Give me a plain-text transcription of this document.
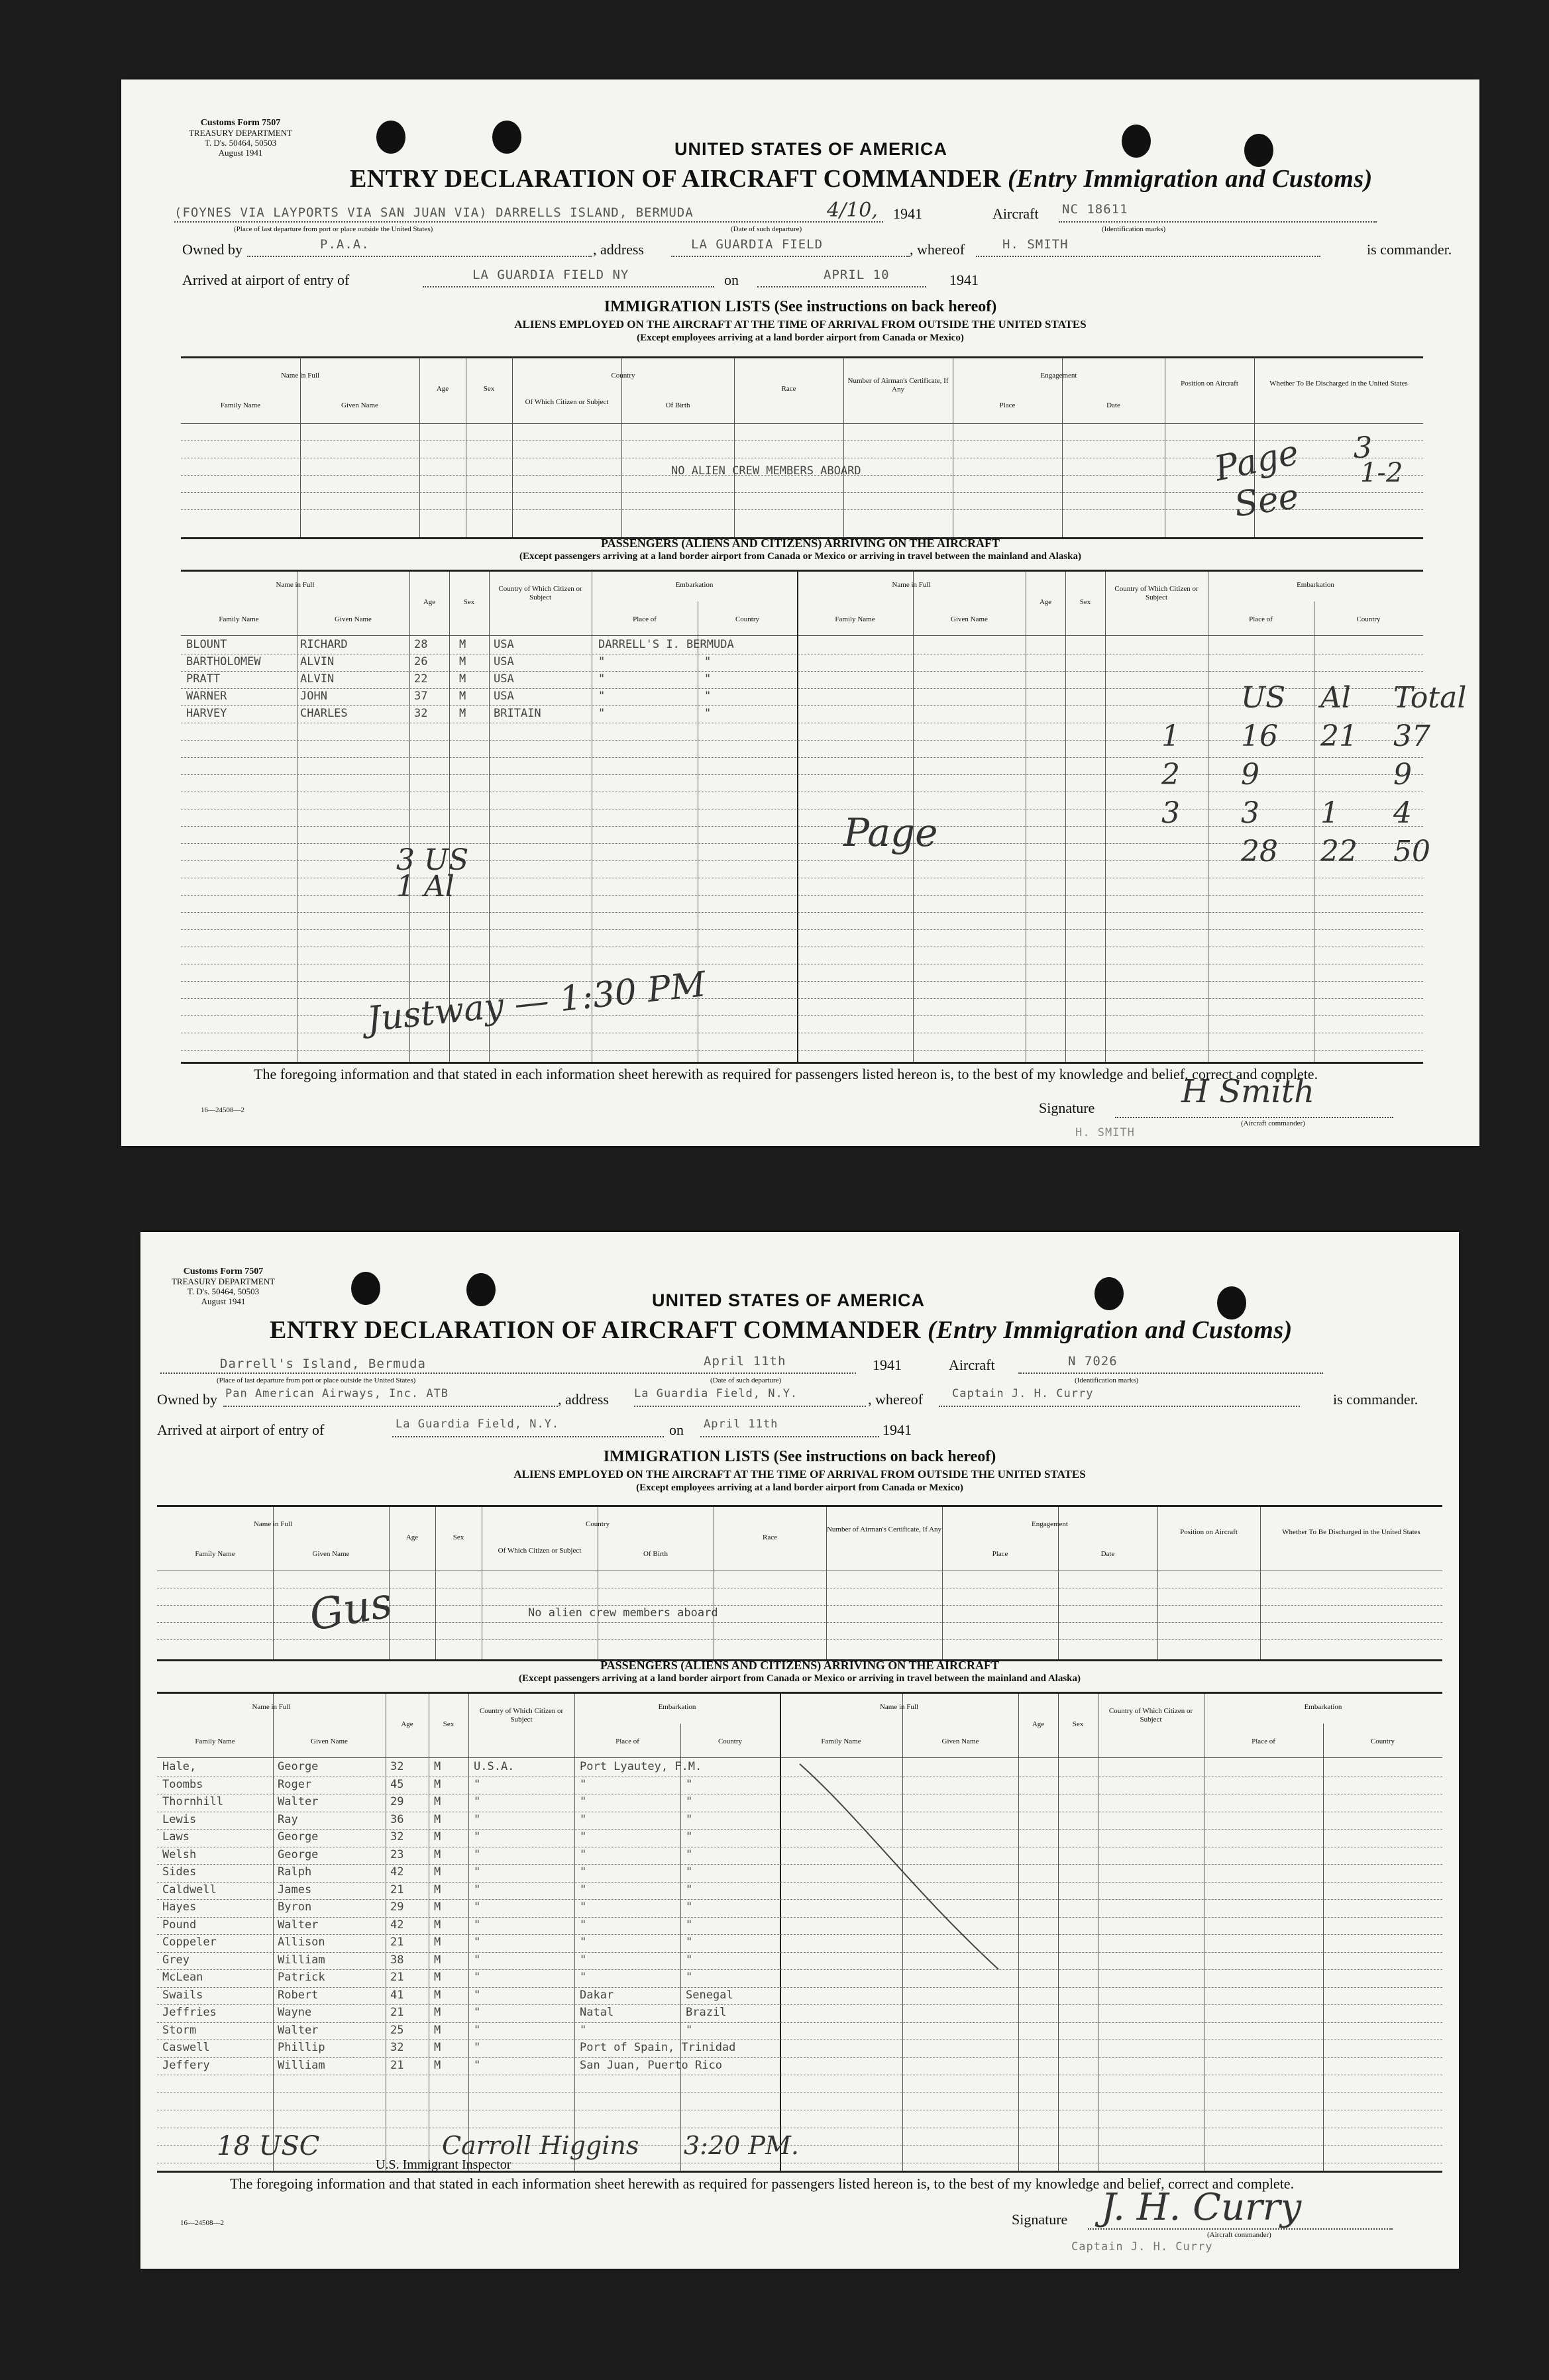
Customs Form 7507
TREASURY DEPARTMENT
T. D's. 50464, 50503
August 1941	UNITED STATES OF AMERICA
ENTRY DECLARATION OF AIRCRAFT COMMANDER (Entry Immigration and Customs)
(FOYNES VIA LAYPORTS VIA SAN JUAN VIA) DARRELLS ISLAND, BERMUDA	4/10, 1941	Aircraft NC 18611
(Place of last departure from port or place outside the United States)	(Date of such departure)	(Identification marks)
Owned by	P.A.A.	, address	LA GUARDIA FIELD	, whereof	H. SMITH	is commander.
Arrived at airport of entry of	LA GUARDIA FIELD NY	on	APRIL 10	1941
IMMIGRATION LISTS (See instructions on back hereof)
ALIENS EMPLOYED ON THE AIRCRAFT AT THE TIME OF ARRIVAL FROM OUTSIDE THE UNITED STATES
(Except employees arriving at a land border airport from Canada or Mexico)
Name in Full
Family Name	Given Name
Age	Sex
Country
Of Which Citizen or Subject	Of Birth
Race
Number of Airman's Certificate, If Any
Engagement
Place	Date
Position on Aircraft	Whether To Be Discharged in the United States
NO ALIEN CREW MEMBERS ABOARD	Page
See
3
1-2
PASSENGERS (ALIENS AND CITIZENS) ARRIVING ON THE AIRCRAFT
(Except passengers arriving at a land border airport from Canada or Mexico or arriving in travel between the mainland and Alaska)
Name in Full
Family Name	Given Name
Age	Sex
Country of Which Citizen or Subject
Embarkation
Place of	Country
Name in Full
Family Name	Given Name
Age	Sex
Country of Which Citizen or Subject
Embarkation
Place of	Country
BLOUNT	RICHARD	28	M USA	DARRELL'S I. BERMUDA
BARTHOLOMEW	ALVIN	26	M USA	"	"
PRATT	ALVIN	22	M USA	"	"
WARNER	JOHN	37	M USA	"	"
HARVEY	CHARLES	32	M BRITAIN	"	"
Page
US Al Total
1 16 21 37
2 9	9
3 3 1 4
28 22 50
3 US
1 Al
Justway — 1:30 PM
The foregoing information and that stated in each information sheet herewith as required for passengers listed hereon is, to the best of my knowledge and belief, correct and complete.
16—24508—2	Signature	H Smith
(Aircraft commander)
H. SMITH
Customs Form 7507
TREASURY DEPARTMENT
T. D's. 50464, 50503
August 1941	UNITED STATES OF AMERICA
ENTRY DECLARATION OF AIRCRAFT COMMANDER (Entry Immigration and Customs)
Darrell's Island, Bermuda	April 11th	1941	Aircraft	N 7026
(Place of last departure from port or place outside the United States)	(Date of such departure)	(Identification marks)
Owned by Pan American Airways, Inc. ATB	, address La Guardia Field, N.Y.	, whereof	Captain J. H. Curry	is commander.
Arrived at airport of entry of	La Guardia Field, N.Y.	on April 11th	1941
IMMIGRATION LISTS (See instructions on back hereof)
ALIENS EMPLOYED ON THE AIRCRAFT AT THE TIME OF ARRIVAL FROM OUTSIDE THE UNITED STATES
(Except employees arriving at a land border airport from Canada or Mexico)
Name in Full
Family Name	Given Name
Age	Sex
Country
Of Which Citizen or Subject	Of Birth
Race
Number of Airman's Certificate, If Any
Engagement
Place	Date
Position on Aircraft	Whether To Be Discharged in the United States
No alien crew members aboard
Gus
PASSENGERS (ALIENS AND CITIZENS) ARRIVING ON THE AIRCRAFT
(Except passengers arriving at a land border airport from Canada or Mexico or arriving in travel between the mainland and Alaska)
Name in Full
Family Name	Given Name
Age	Sex
Country of Which Citizen or Subject
Embarkation
Place of	Country
Name in Full
Family Name	Given Name
Age	Sex
Country of Which Citizen or Subject
Embarkation
Place of	Country
Hale,	George	32	M	U.S.A.	Port Lyautey, F.M.
Toombs	Roger	45	M	"	"	"
Thornhill	Walter	29	M	"	"	"
Lewis	Ray	36	M	"	"	"
Laws	George	32	M	"	"	"
Welsh	George	23	M	"	"	"
Sides	Ralph	42	M	"	"	"
Caldwell	James	21	M	"	"	"
Hayes	Byron	29	M	"	"	"
Pound	Walter	42	M	"	"	"
Coppeler	Allison	21	M	"	"	"
Grey	William	38	M	"	"	"
McLean	Patrick	21	M	"	"	"
Swails	Robert	41	M	"	Dakar	Senegal
Jeffries	Wayne	21	M	"	Natal	Brazil
Storm	Walter	25	M	"	"	"
Caswell	Phillip	32	M	"	Port of Spain, Trinidad
Jeffery	William	21	M	"	San Juan, Puerto Rico
18 USC	Carroll Higgins 3:20 PM.
U.S. Immigrant Inspector
The foregoing information and that stated in each information sheet herewith as required for passengers listed hereon is, to the best of my knowledge and belief, correct and complete.
16—24508—2	Signature J. H. Curry
(Aircraft commander)
Captain J. H. Curry
